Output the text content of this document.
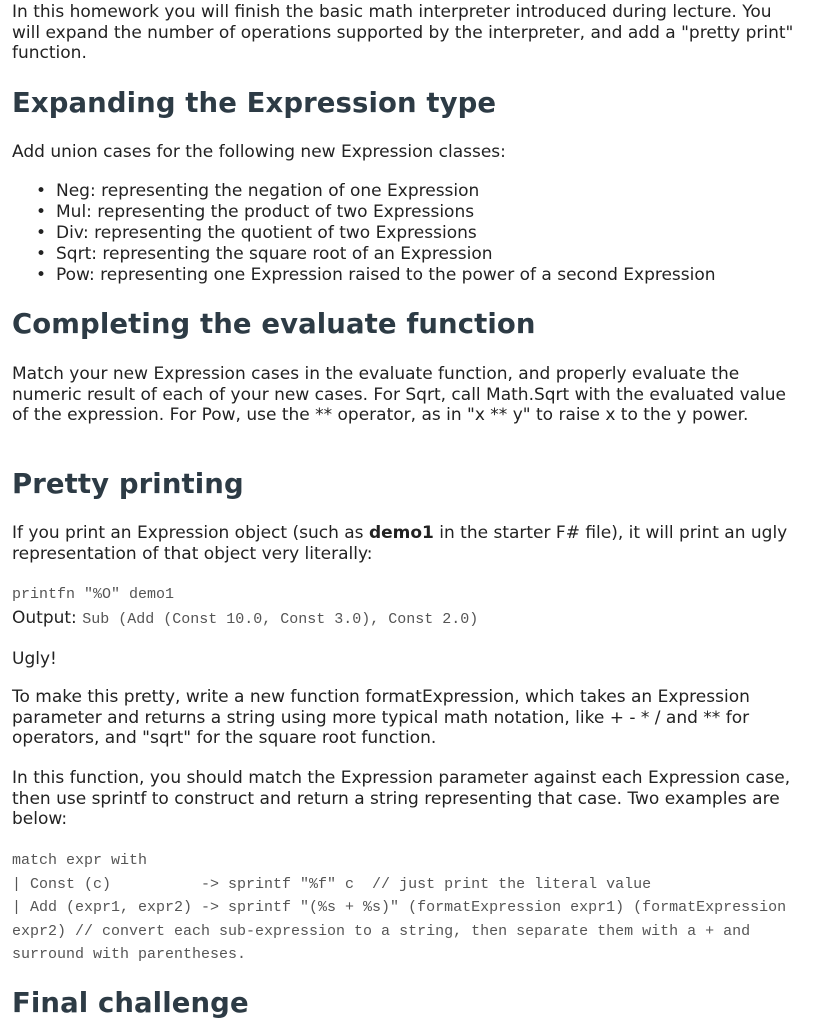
In this homework you will finish the basic math interpreter introduced during lecture. You will expand the number of operations supported by the interpreter, and add a "pretty print" function.

Expanding the Expression type

Add union cases for the following new Expression classes:

• Neg: representing the negation of one Expression
• Mul: representing the product of two Expressions
• Div: representing the quotient of two Expressions
• Sqrt: representing the square root of an Expression
• Pow: representing one Expression raised to the power of a second Expression
Completing the evaluate function

Match your new Expression cases in the evaluate function, and properly evaluate the numeric result of each of your new cases. For Sqrt, call Math.Sqrt with the evaluated value of the expression. For Pow, use the ** operator, as in "x ** y" to raise x to the y power.

Pretty printing

If you print an Expression object (such as demo1 in the starter F# file), it will print an ugly representation of that object very literally:

printfn "%O" demo1
Output: Sub (Add (Const 10.0, Const 3.0), Const 2.0)

Ugly!

To make this pretty, write a new function formatExpression, which takes an Expression parameter and returns a string using more typical math notation, like + - * / and ** for operators, and "sqrt" for the square root function.

In this function, you should match the Expression parameter against each Expression case, then use sprintf to construct and return a string representing that case. Two examples are below:

match expr with
| Const (c)          -> sprintf "%f" c  // just print the literal value
| Add (expr1, expr2) -> sprintf "(%s + %s)" (formatExpression expr1) (formatExpression expr2) // convert each sub-expression to a string, then separate them with a + and surround with parentheses.
Final challenge
